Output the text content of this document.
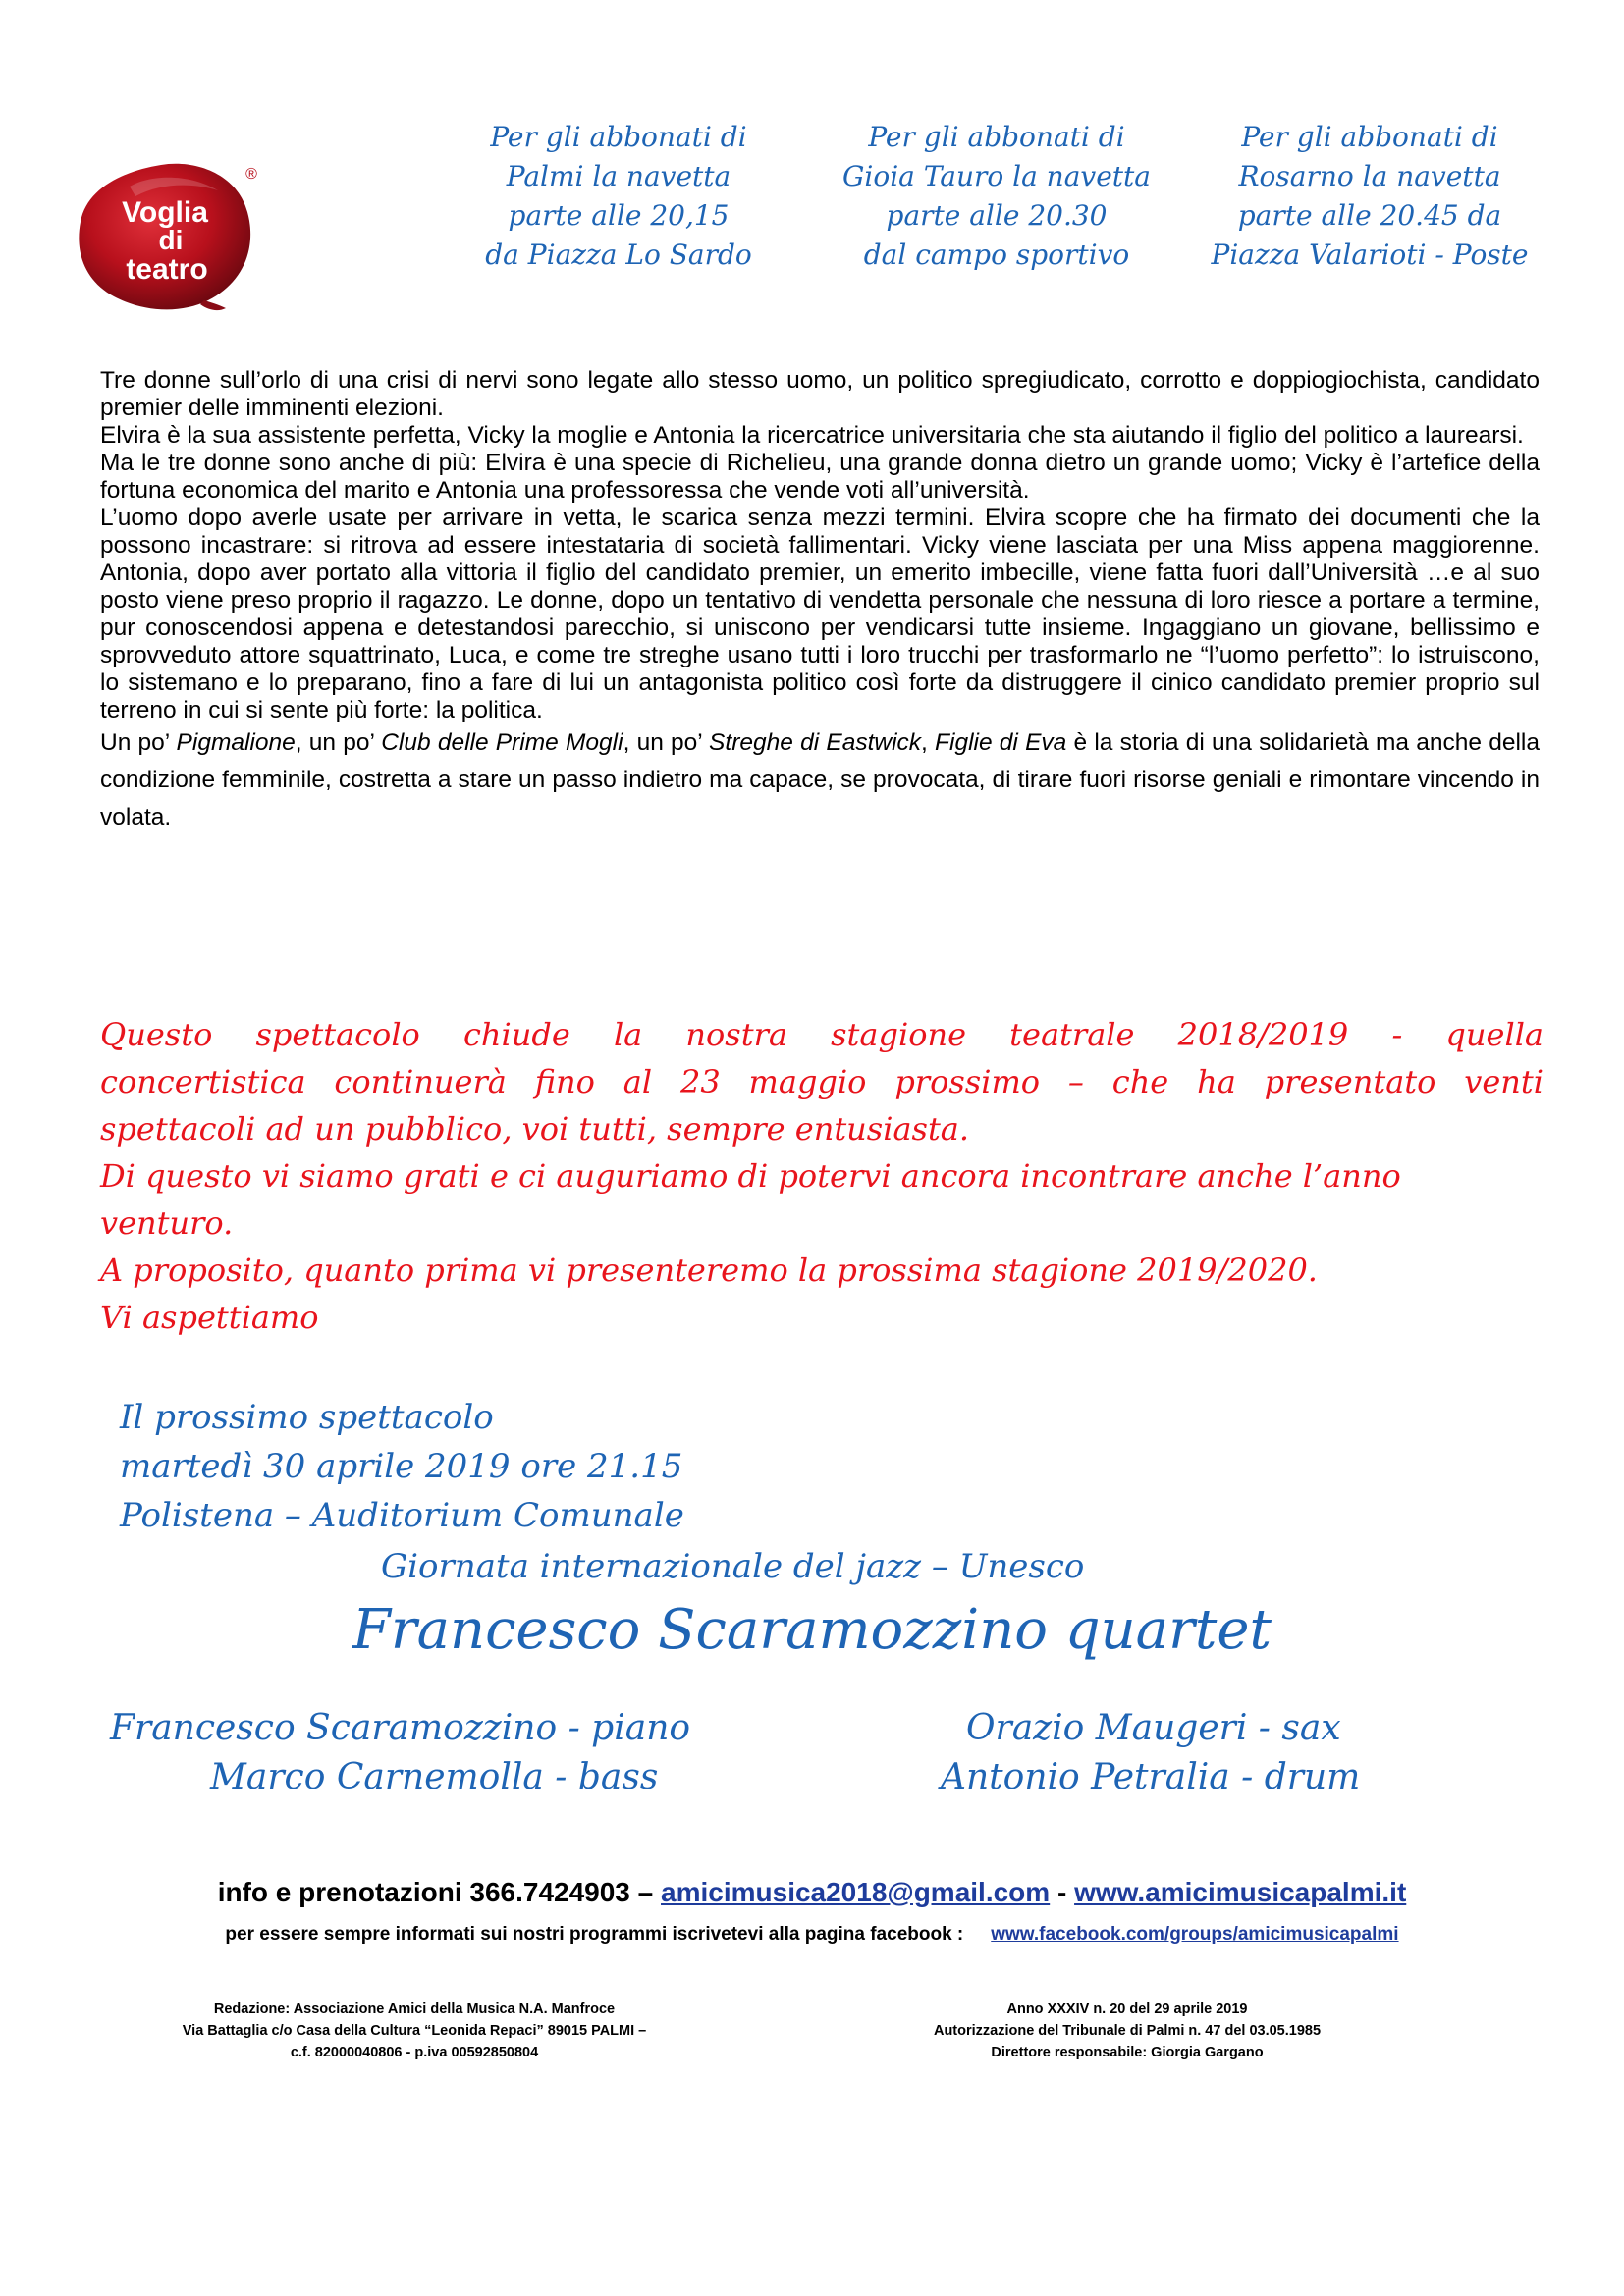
Voglia
di
teatro
®
Per gli abbonati di
Palmi la navetta
parte alle 20,15
da Piazza Lo Sardo
Per gli abbonati di
Gioia Tauro la navetta
parte alle 20.30
dal campo sportivo
Per gli abbonati di
Rosarno la navetta
parte alle 20.45 da
Piazza Valarioti - Poste

Tre donne sull’orlo di una crisi di nervi sono legate allo stesso uomo, un politico spregiudicato, corrotto e doppiogiochista, candidato premier delle imminenti elezioni.

Elvira è la sua assistente perfetta, Vicky la moglie e Antonia la ricercatrice universitaria che sta aiutando il figlio del politico a laurearsi.

Ma le tre donne sono anche di più: Elvira è una specie di Richelieu, una grande donna dietro un grande uomo; Vicky è l’artefice della fortuna economica del marito e Antonia una professoressa che vende voti all’università.

L’uomo dopo averle usate per arrivare in vetta, le scarica senza mezzi termini. Elvira scopre che ha firmato dei documenti che la possono incastrare: si ritrova ad essere intestataria di società fallimentari. Vicky viene lasciata per una Miss appena maggiorenne. Antonia, dopo aver portato alla vittoria il figlio del candidato premier, un emerito imbecille, viene fatta fuori dall’Università …e al suo posto viene preso proprio il ragazzo. Le donne, dopo un tentativo di vendetta personale che nessuna di loro riesce a portare a termine, pur conoscendosi appena e detestandosi parecchio, si uniscono per vendicarsi tutte insieme. Ingaggiano un giovane, bellissimo e sprovveduto attore squattrinato, Luca, e come tre streghe usano tutti i loro trucchi per trasformarlo ne “l’uomo perfetto”: lo istruiscono, lo sistemano e lo preparano, fino a fare di lui un antagonista politico così forte da distruggere il cinico candidato premier proprio sul terreno in cui si sente più forte: la politica.

Un po’ Pigmalione, un po’ Club delle Prime Mogli, un po’ Streghe di Eastwick, Figlie di Eva è la storia di una solidarietà ma anche della condizione femminile, costretta a stare un passo indietro ma capace, se provocata, di tirare fuori risorse geniali e rimontare vincendo in volata.

Questo spettacolo chiude la nostra stagione teatrale 2018/2019 - quella
concertistica continuerà fino al 23 maggio prossimo – che ha presentato venti
spettacoli ad un pubblico, voi tutti, sempre entusiasta.
Di questo vi siamo grati e ci auguriamo di potervi ancora incontrare anche l’anno
venturo.
A proposito, quanto prima vi presenteremo la prossima stagione 2019/2020.
Vi aspettiamo
Il prossimo spettacolo
martedì 30 aprile 2019 ore 21.15
Polistena – Auditorium Comunale
Giornata internazionale del jazz – Unesco
Francesco Scaramozzino quartet
Francesco Scaramozzino - piano
Marco Carnemolla - bass
Orazio Maugeri - sax
Antonio Petralia - drum
info e prenotazioni 366.7424903 – amicimusica2018@gmail.com - www.amicimusicapalmi.it
per essere sempre informati sui nostri programmi iscrivetevi alla pagina facebook : www.facebook.com/groups/amicimusicapalmi
Redazione: Associazione Amici della Musica N.A. Manfroce
Via Battaglia c/o Casa della Cultura “Leonida Repaci” 89015 PALMI –
c.f. 82000040806 - p.iva 00592850804
Anno XXXIV n. 20 del 29 aprile 2019
Autorizzazione del Tribunale di Palmi n. 47 del 03.05.1985
Direttore responsabile: Giorgia Gargano
